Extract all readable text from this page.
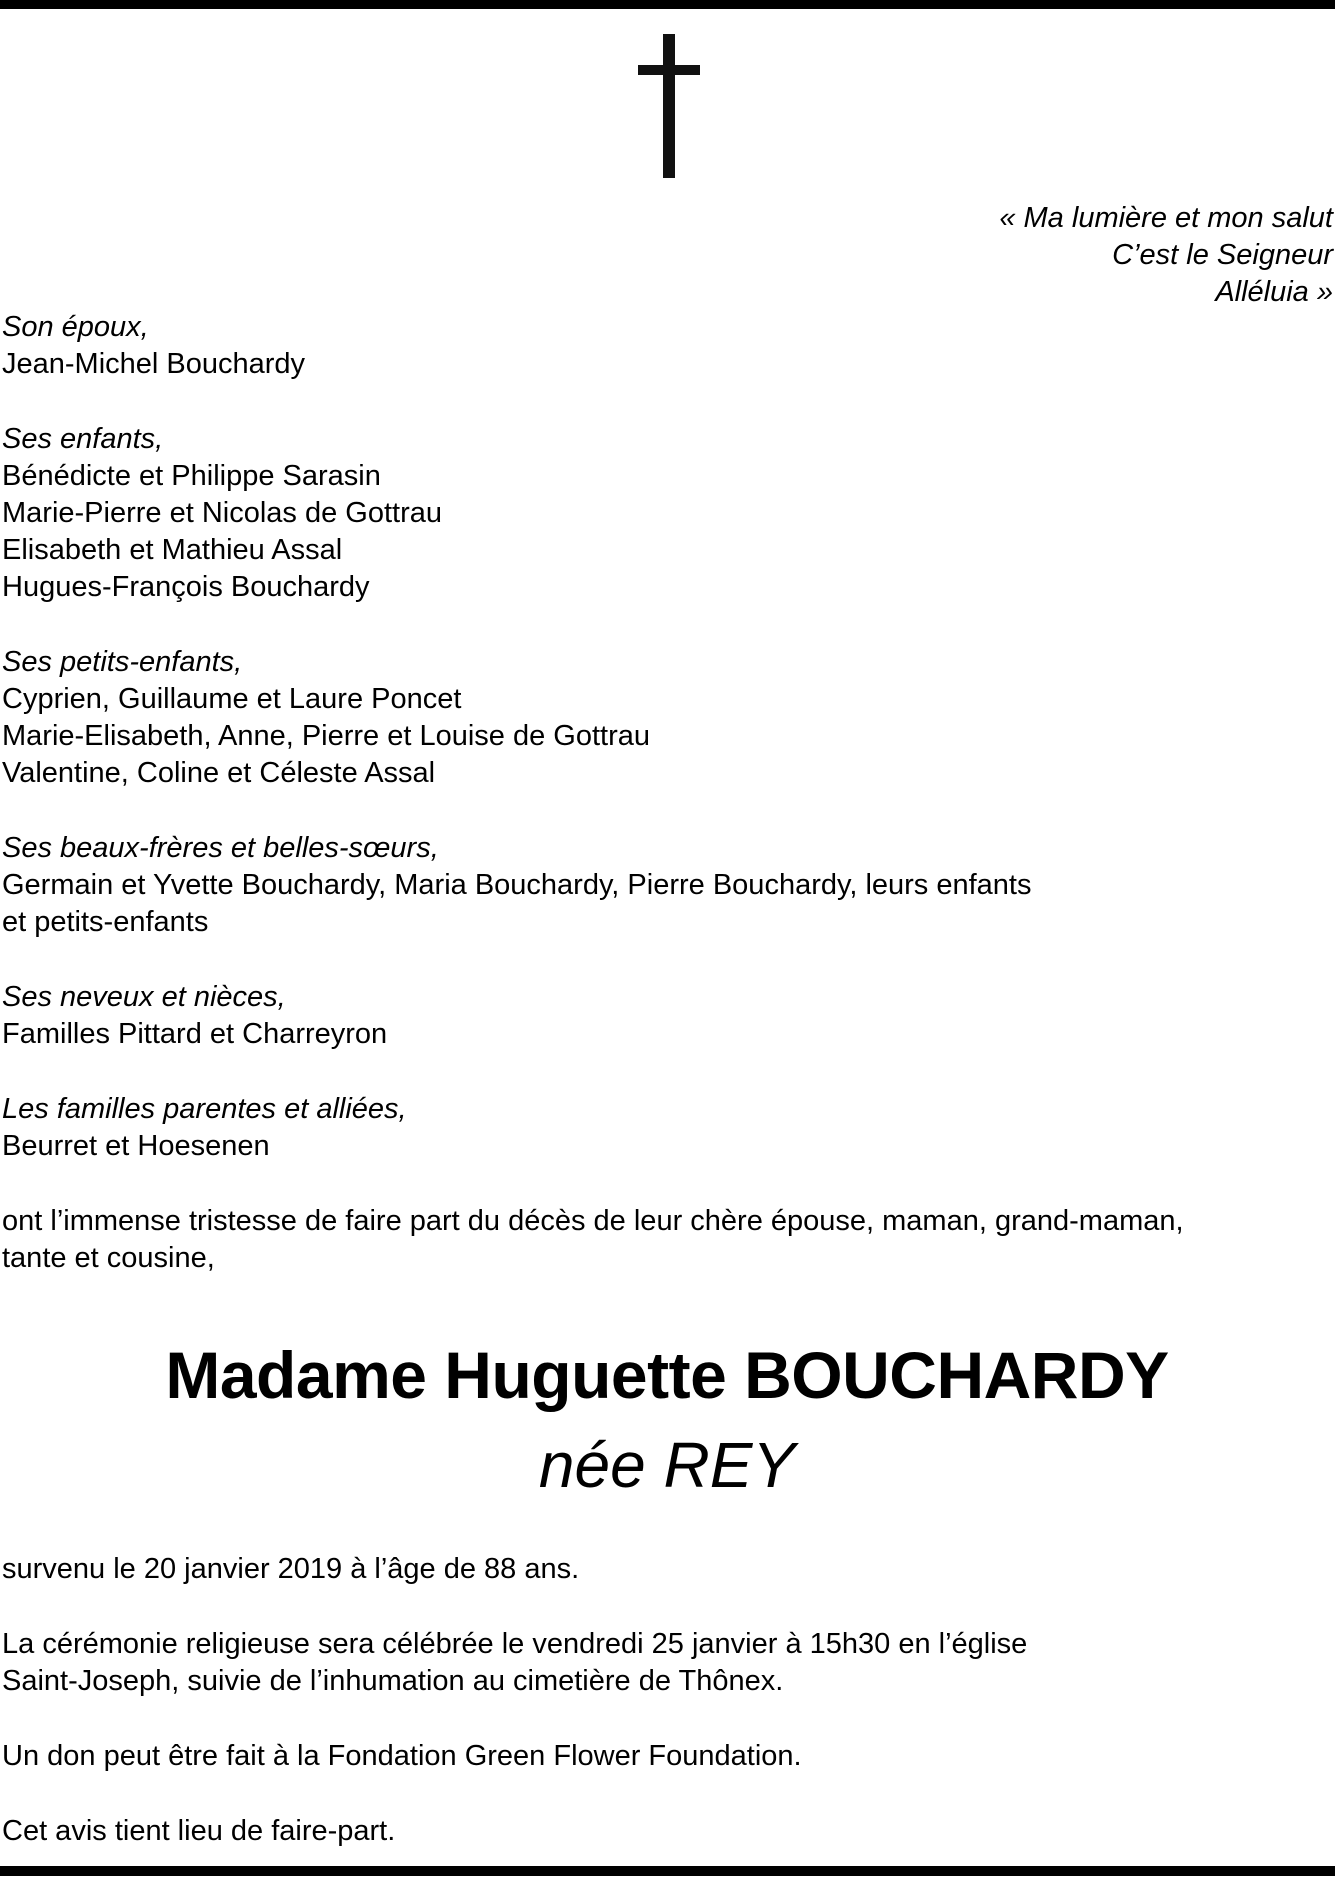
« Ma lumière et mon salut
C’est le Seigneur
Alléluia »
Son époux,
Jean-Michel Bouchardy
Ses enfants,
Bénédicte et Philippe Sarasin
Marie-Pierre et Nicolas de Gottrau
Elisabeth et Mathieu Assal
Hugues-François Bouchardy
Ses petits-enfants,
Cyprien, Guillaume et Laure Poncet
Marie-Elisabeth, Anne, Pierre et Louise de Gottrau
Valentine, Coline et Céleste Assal
Ses beaux-frères et belles-sœurs,
Germain et Yvette Bouchardy, Maria Bouchardy, Pierre Bouchardy, leurs enfants
et petits-enfants
Ses neveux et nièces,
Familles Pittard et Charreyron
Les familles parentes et alliées,
Beurret et Hoesenen
ont l’immense tristesse de faire part du décès de leur chère épouse, maman, grand-maman,
tante et cousine,
Madame Huguette BOUCHARDY
née REY
survenu le 20 janvier 2019 à l’âge de 88 ans.
La cérémonie religieuse sera célébrée le vendredi 25 janvier à 15h30 en l’église
Saint-Joseph, suivie de l’inhumation au cimetière de Thônex.
Un don peut être fait à la Fondation Green Flower Foundation.
Cet avis tient lieu de faire-part.
